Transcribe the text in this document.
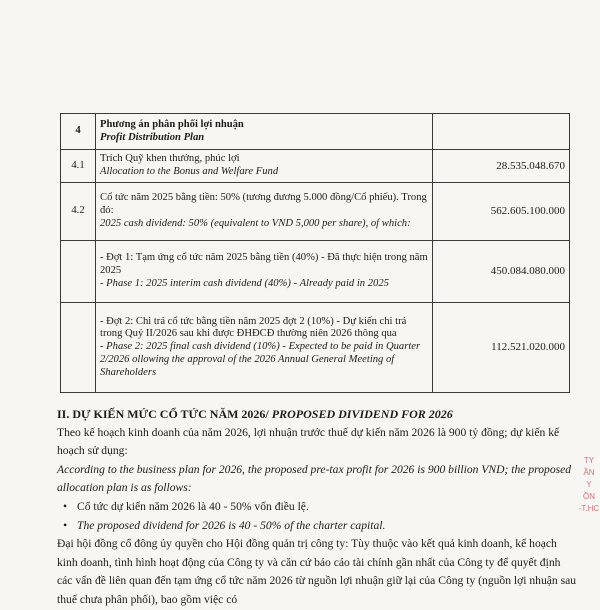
4	Phương án phân phối lợi nhuận
Profit Distribution Plan	

4.1	Trích Quỹ khen thưởng, phúc lợi
Allocation to the Bonus and Welfare Fund	28.535.048.670
4.2	Cổ tức năm 2025 bằng tiền: 50% (tương đương 5.000 đồng/Cổ phiếu). Trong đó:
2025 cash dividend: 50% (equivalent to VND 5,000 per share), of which:	562.605.100.000

	- Đợt 1: Tạm ứng cổ tức năm 2025 bằng tiền (40%) - Đã thực hiện trong năm 2025
- Phase 1: 2025 interim cash dividend (40%) - Already paid in 2025	450.084.080.000

	- Đợt 2: Chi trả cổ tức bằng tiền năm 2025 đợt 2 (10%) - Dự kiến chi trả trong Quý II/2026 sau khi được ĐHĐCĐ thường niên 2026 thông qua
- Phase 2: 2025 final cash dividend (10%) - Expected to be paid in Quarter 2/2026 ollowing the approval of the 2026 Annual General Meeting of Shareholders	112.521.020.000

II. DỰ KIẾN MỨC CỔ TỨC NĂM 2026/ PROPOSED DIVIDEND FOR 2026

Theo kế hoạch kinh doanh của năm 2026, lợi nhuận trước thuế dự kiến năm 2026 là 900 tỷ đồng; dự kiến kế hoạch sử dụng:

According to the business plan for 2026, the proposed pre-tax profit for 2026 is 900 billion VND; the proposed allocation plan is as follows:

• Cổ tức dự kiến năm 2026 là 40 - 50% vốn điều lệ.

• The proposed dividend for 2026 is 40 - 50% of the charter capital.

Đại hội đồng cổ đông ủy quyền cho Hội đồng quản trị công ty: Tùy thuộc vào kết quả kinh doanh, kế hoạch kinh doanh, tình hình hoạt động của Công ty và căn cứ báo cáo tài chính gần nhất của Công ty để quyết định các vấn đề liên quan đến tạm ứng cổ tức năm 2026 từ nguồn lợi nhuận giữ lại của Công ty (nguồn lợi nhuận sau thuế chưa phân phối), bao gồm việc có

TY
ẦN
Y
ỒN
-T.HC
